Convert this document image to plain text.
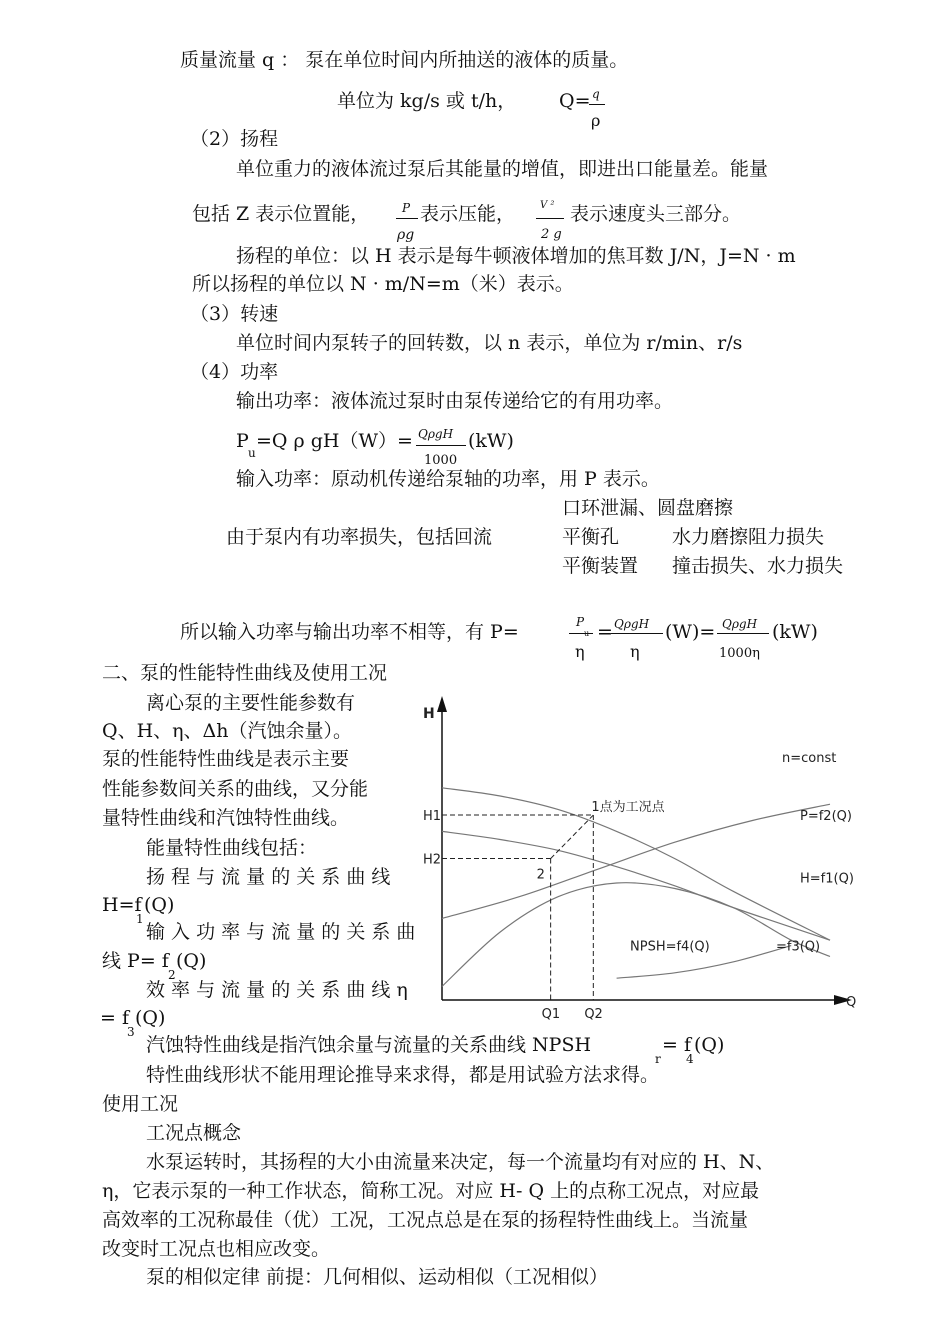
质量流量 q ： 泵在单位时间内所抽送的液体的质量。
单位为 kg/s 或 t/h， Q= q
ρ
（2）扬程
单位重力的液体流过泵后其能量的增值，即进出口能量差。能量
包括 Z 表示位置能，	P
ρg
表示压能， V ²
2 g
表示速度头三部分。
扬程的单位：以 H 表示是每牛顿液体增加的焦耳数 J/N，J=N · m
所以扬程的单位以 N · m/N=m（米）表示。
（3）转速
单位时间内泵转子的回转数，以 n 表示，单位为 r/min、r/s
（4）功率
输出功率：液体流过泵时由泵传递给它的有用功率。
P
u
=Q ρ gH（W）= QρgH
1000
(kW)
输入功率：原动机传递给泵轴的功率，用 P 表示。
口环泄漏、圆盘磨擦
由于泵内有功率损失，包括回流	平衡孔	水力磨擦阻力损失
平衡装置 撞击损失、水力损失
所以输入功率与输出功率不相等，有 P=	P
u
η
= QρgH
η
(W)= QρgH
1000η
(kW)
二、泵的性能特性曲线及使用工况
离心泵的主要性能参数有
Q、H、η、Δh（汽蚀余量）。
泵的性能特性曲线是表示主要
性能参数间关系的曲线，又分能
量特性曲线和汽蚀特性曲线。
能量特性曲线包括：
扬 程 与 流 量 的 关 系 曲 线
H=f
1
(Q)
输 入 功 率 与 流 量 的 关 系 曲
线 P= f
2
(Q)
效 率 与 流 量 的 关 系 曲 线 η
= f
3
(Q)
H
Q
H1
H2
Q1 Q2
n=const
1点为工况点
2
P=f2(Q)
H=f1(Q)
NPSH=f4(Q)	=f3(Q)
汽蚀特性曲线是指汽蚀余量与流量的关系曲线 NPSH
r
= f
4
(Q)
特性曲线形状不能用理论推导来求得，都是用试验方法求得。
使用工况
工况点概念
水泵运转时，其扬程的大小由流量来决定，每一个流量均有对应的 H、N、
η，它表示泵的一种工作状态，简称工况。对应 H- Q 上的点称工况点，对应最
高效率的工况称最佳（优）工况，工况点总是在泵的扬程特性曲线上。当流量
改变时工况点也相应改变。
泵的相似定律 前提：几何相似、运动相似（工况相似）
